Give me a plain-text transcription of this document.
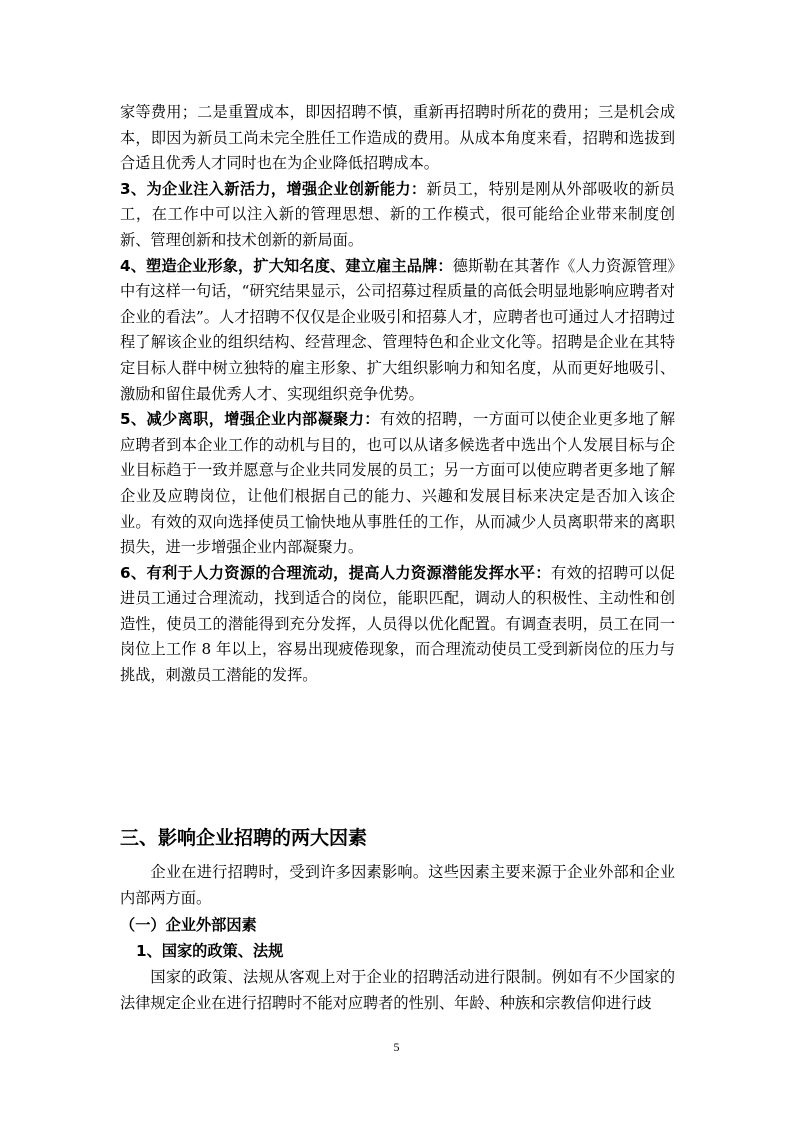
家等费用；二是重置成本，即因招聘不慎，重新再招聘时所花的费用；三是机会成本，即因为新员工尚未完全胜任工作造成的费用。从成本角度来看，招聘和选拔到合适且优秀人才同时也在为企业降低招聘成本。
3、为企业注入新活力，增强企业创新能力：新员工，特别是刚从外部吸收的新员工，在工作中可以注入新的管理思想、新的工作模式，很可能给企业带来制度创新、管理创新和技术创新的新局面。
4、塑造企业形象，扩大知名度、建立雇主品牌：德斯勒在其著作《人力资源管理》中有这样一句话，“研究结果显示，公司招募过程质量的高低会明显地影响应聘者对企业的看法”。人才招聘不仅仅是企业吸引和招募人才，应聘者也可通过人才招聘过程了解该企业的组织结构、经营理念、管理特色和企业文化等。招聘是企业在其特定目标人群中树立独特的雇主形象、扩大组织影响力和知名度，从而更好地吸引、激励和留住最优秀人才、实现组织竞争优势。
5、减少离职，增强企业内部凝聚力：有效的招聘，一方面可以使企业更多地了解应聘者到本企业工作的动机与目的，也可以从诸多候选者中选出个人发展目标与企业目标趋于一致并愿意与企业共同发展的员工；另一方面可以使应聘者更多地了解企业及应聘岗位，让他们根据自己的能力、兴趣和发展目标来决定是否加入该企业。有效的双向选择使员工愉快地从事胜任的工作，从而减少人员离职带来的离职损失，进一步增强企业内部凝聚力。
6、有利于人力资源的合理流动，提高人力资源潜能发挥水平：有效的招聘可以促进员工通过合理流动，找到适合的岗位，能职匹配，调动人的积极性、主动性和创造性，使员工的潜能得到充分发挥，人员得以优化配置。有调查表明，员工在同一岗位上工作 8 年以上，容易出现疲倦现象，而合理流动使员工受到新岗位的压力与挑战，刺激员工潜能的发挥。
三、影响企业招聘的两大因素
企业在进行招聘时，受到许多因素影响。这些因素主要来源于企业外部和企业内部两方面。
（一）企业外部因素
1、国家的政策、法规
国家的政策、法规从客观上对于企业的招聘活动进行限制。例如有不少国家的法律规定企业在进行招聘时不能对应聘者的性别、年龄、种族和宗教信仰进行歧
5
